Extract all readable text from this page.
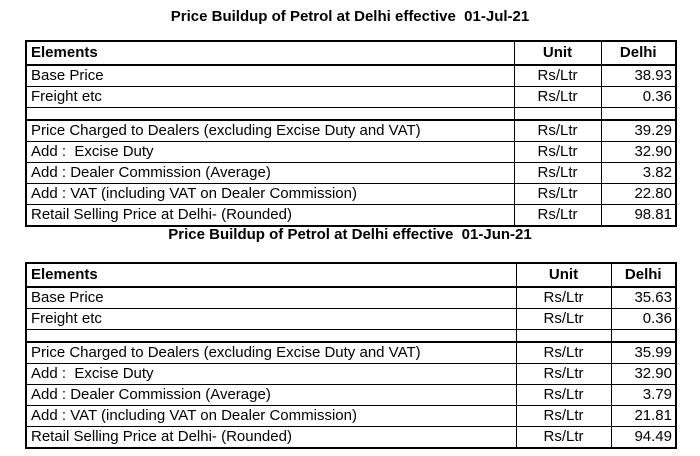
Price Buildup of Petrol at Delhi effective  01-Jul-21
Elements	Unit	Delhi
Base Price	Rs/Ltr	38.93
Freight etc	Rs/Ltr	0.36

Price Charged to Dealers (excluding Excise Duty and VAT)	Rs/Ltr	39.29
Add :  Excise Duty	Rs/Ltr	32.90
Add : Dealer Commission (Average)	Rs/Ltr	3.82
Add : VAT (including VAT on Dealer Commission)	Rs/Ltr	22.80
Retail Selling Price at Delhi- (Rounded)	Rs/Ltr	98.81
Price Buildup of Petrol at Delhi effective  01-Jun-21
Elements	Unit	Delhi
Base Price	Rs/Ltr	35.63
Freight etc	Rs/Ltr	0.36

Price Charged to Dealers (excluding Excise Duty and VAT)	Rs/Ltr	35.99
Add :  Excise Duty	Rs/Ltr	32.90
Add : Dealer Commission (Average)	Rs/Ltr	3.79
Add : VAT (including VAT on Dealer Commission)	Rs/Ltr	21.81
Retail Selling Price at Delhi- (Rounded)	Rs/Ltr	94.49
